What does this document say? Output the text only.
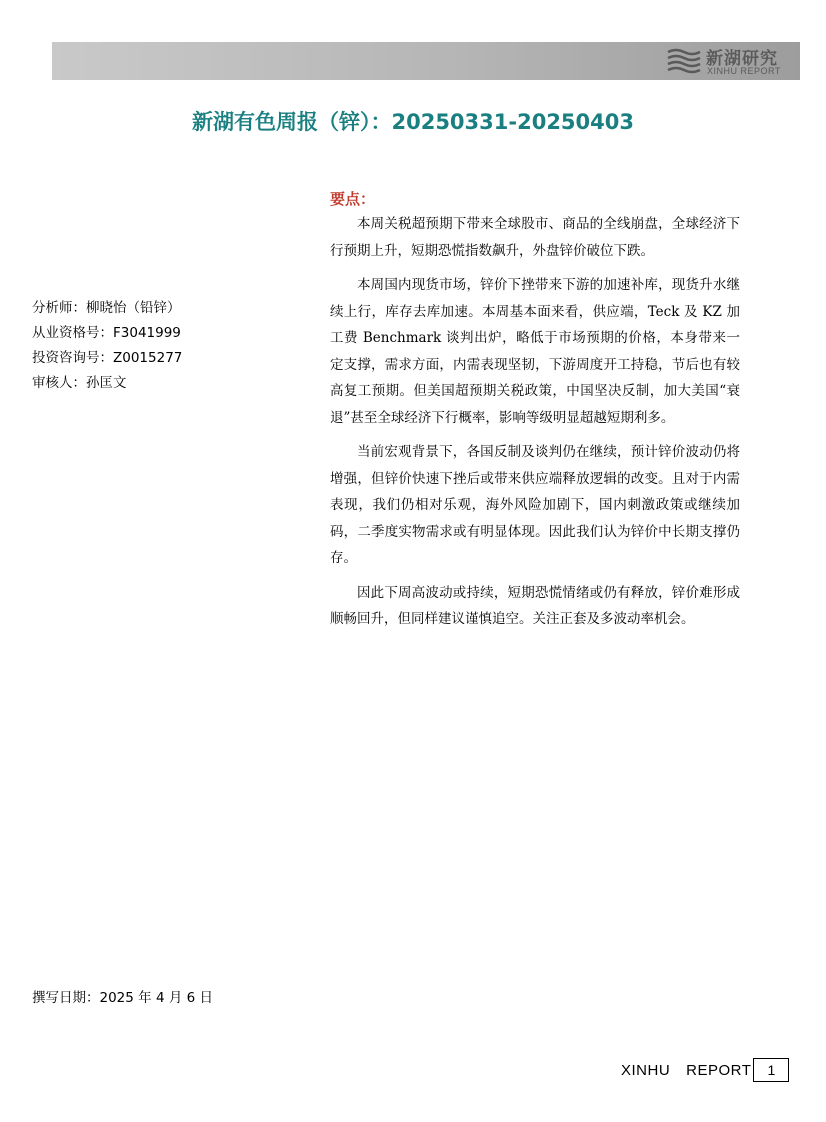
新湖研究
XINHU REPORT
新湖有色周报（锌）：20250331-20250403
分析师：柳晓怡（铅锌）
从业资格号：F3041999
投资咨询号：Z0015277
审核人：孙匡文
要点：

本周关税超预期下带来全球股市、商品的全线崩盘，全球经济下行预期上升，短期恐慌指数飙升，外盘锌价破位下跌。

本周国内现货市场，锌价下挫带来下游的加速补库，现货升水继续上行，库存去库加速。本周基本面来看，供应端，Teck 及 KZ 加工费 Benchmark 谈判出炉，略低于市场预期的价格，本身带来一定支撑，需求方面，内需表现坚韧，下游周度开工持稳，节后也有较高复工预期。但美国超预期关税政策，中国坚决反制，加大美国“衰退”甚至全球经济下行概率，影响等级明显超越短期利多。

当前宏观背景下，各国反制及谈判仍在继续，预计锌价波动仍将增强，但锌价快速下挫后或带来供应端释放逻辑的改变。且对于内需表现，我们仍相对乐观，海外风险加剧下，国内刺激政策或继续加码，二季度实物需求或有明显体现。因此我们认为锌价中长期支撑仍存。

因此下周高波动或持续，短期恐慌情绪或仍有释放，锌价难形成顺畅回升，但同样建议谨慎追空。关注正套及多波动率机会。

撰写日期：2025 年 4 月 6 日
XINHU REPORT 1
